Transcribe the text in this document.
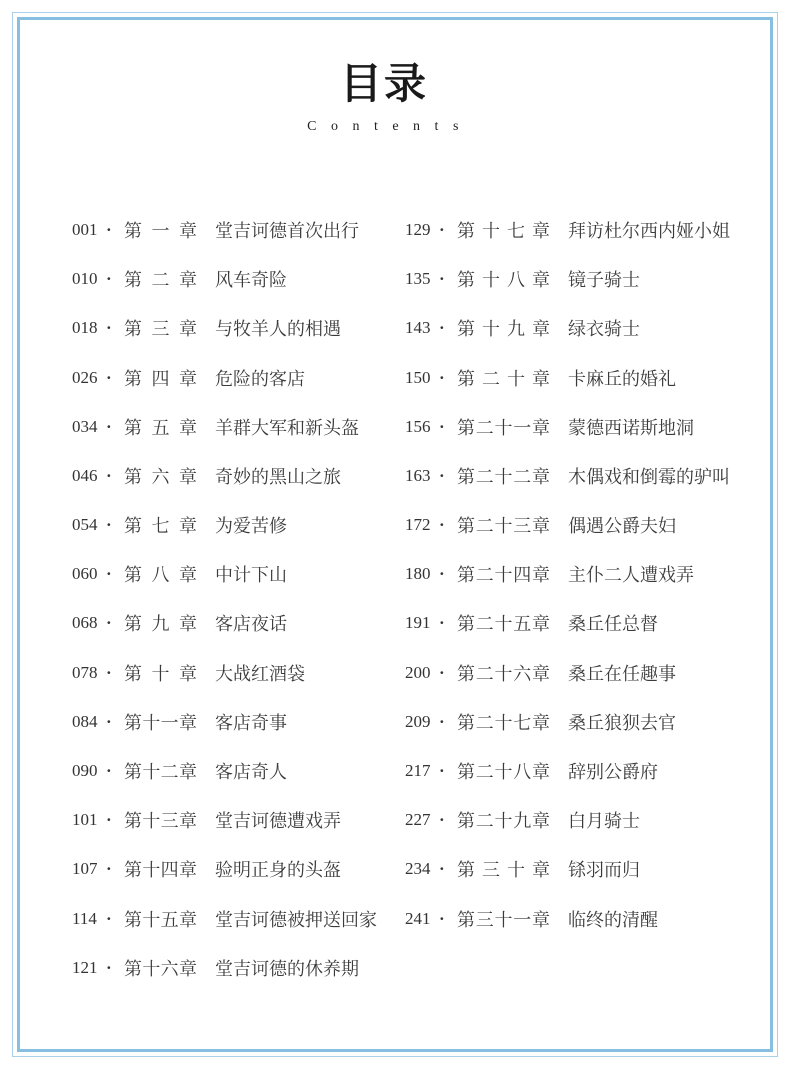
目录
Contents
001 · 第 一 章 堂吉诃德首次出行
010 · 第 二 章 风车奇险
018 · 第 三 章 与牧羊人的相遇
026 · 第 四 章 危险的客店
034 · 第 五 章 羊群大军和新头盔
046 · 第 六 章 奇妙的黑山之旅
054 · 第 七 章 为爱苦修
060 · 第 八 章 中计下山
068 · 第 九 章 客店夜话
078 · 第 十 章 大战红酒袋
084 · 第十一章 客店奇事
090 · 第十二章 客店奇人
101 · 第十三章 堂吉诃德遭戏弄
107 · 第十四章 验明正身的头盔
114 · 第十五章 堂吉诃德被押送回家
121 · 第十六章 堂吉诃德的休养期
129 · 第 十 七 章 拜访杜尔西内娅小姐
135 · 第 十 八 章 镜子骑士
143 · 第 十 九 章 绿衣骑士
150 · 第 二 十 章 卡麻丘的婚礼
156 · 第二十一章 蒙德西诺斯地洞
163 · 第二十二章 木偶戏和倒霉的驴叫
172 · 第二十三章 偶遇公爵夫妇
180 · 第二十四章 主仆二人遭戏弄
191 · 第二十五章 桑丘任总督
200 · 第二十六章 桑丘在任趣事
209 · 第二十七章 桑丘狼狈去官
217 · 第二十八章 辞别公爵府
227 · 第二十九章 白月骑士
234 · 第 三 十 章 铩羽而归
241 · 第三十一章 临终的清醒
